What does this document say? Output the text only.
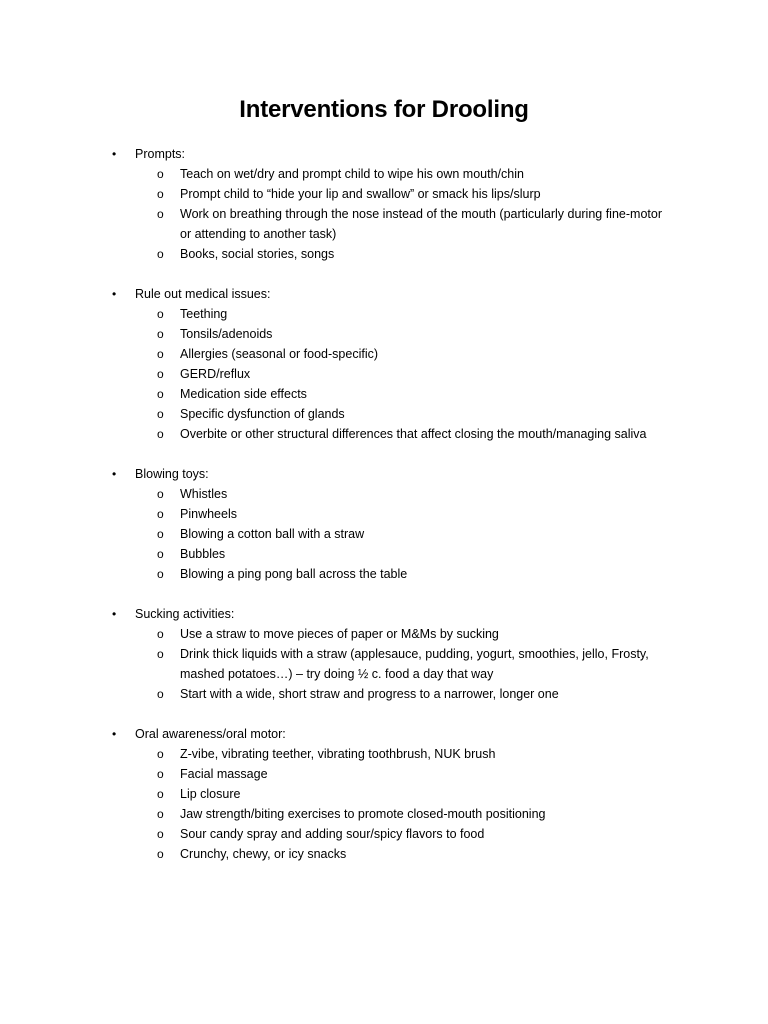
Interventions for Drooling
• Prompts:
o Teach on wet/dry and prompt child to wipe his own mouth/chin
o Prompt child to “hide your lip and swallow” or smack his lips/slurp
o Work on breathing through the nose instead of the mouth (particularly during fine-motor or attending to another task)
o Books, social stories, songs
• Rule out medical issues:
o Teething
o Tonsils/adenoids
o Allergies (seasonal or food-specific)
o GERD/reflux
o Medication side effects
o Specific dysfunction of glands
o Overbite or other structural differences that affect closing the mouth/managing saliva
• Blowing toys:
o Whistles
o Pinwheels
o Blowing a cotton ball with a straw
o Bubbles
o Blowing a ping pong ball across the table
• Sucking activities:
o Use a straw to move pieces of paper or M&Ms by sucking
o Drink thick liquids with a straw (applesauce, pudding, yogurt, smoothies, jello, Frosty, mashed potatoes…) – try doing ½ c. food a day that way
o Start with a wide, short straw and progress to a narrower, longer one
• Oral awareness/oral motor:
o Z-vibe, vibrating teether, vibrating toothbrush, NUK brush
o Facial massage
o Lip closure
o Jaw strength/biting exercises to promote closed-mouth positioning
o Sour candy spray and adding sour/spicy flavors to food
o Crunchy, chewy, or icy snacks
